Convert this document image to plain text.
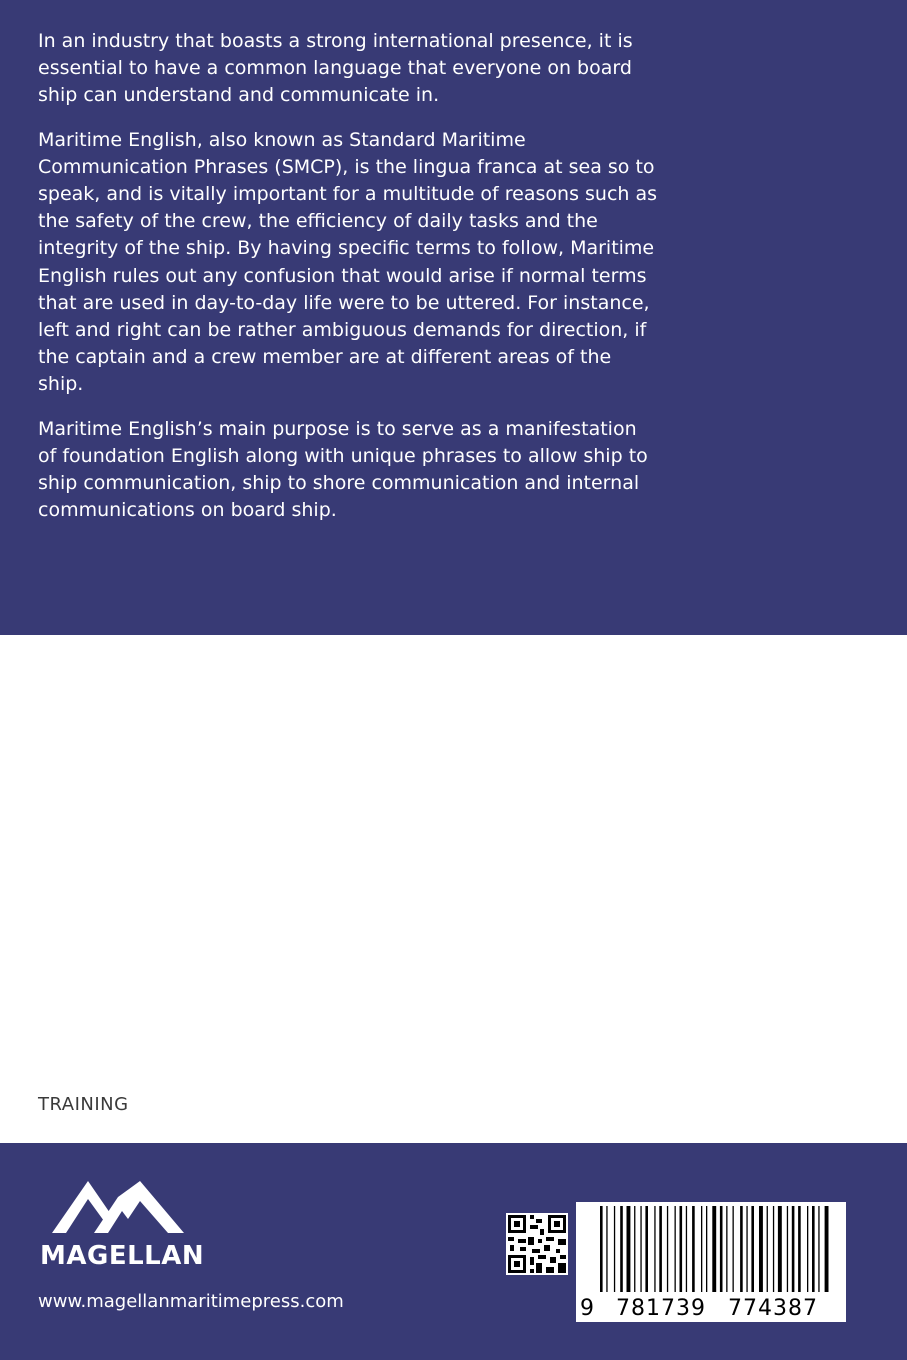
In an industry that boasts a strong international presence, it is essential to have a common language that everyone on board ship can understand and communicate in.

Maritime English, also known as Standard Maritime Communication Phrases (SMCP), is the lingua franca at sea so to speak, and is vitally important for a multitude of reasons such as the safety of the crew, the efficiency of daily tasks and the integrity of the ship. By having specific terms to follow, Maritime English rules out any confusion that would arise if normal terms that are used in day-to-day life were to be uttered. For instance, left and right can be rather ambiguous demands for direction, if the captain and a crew member are at different areas of the ship.

Maritime English’s main purpose is to serve as a manifestation of foundation English along with unique phrases to allow ship to ship communication, ship to shore communication and internal communications on board ship.

TRAINING
MAGELLAN
www.magellanmaritimepress.com	9 781739 774387
